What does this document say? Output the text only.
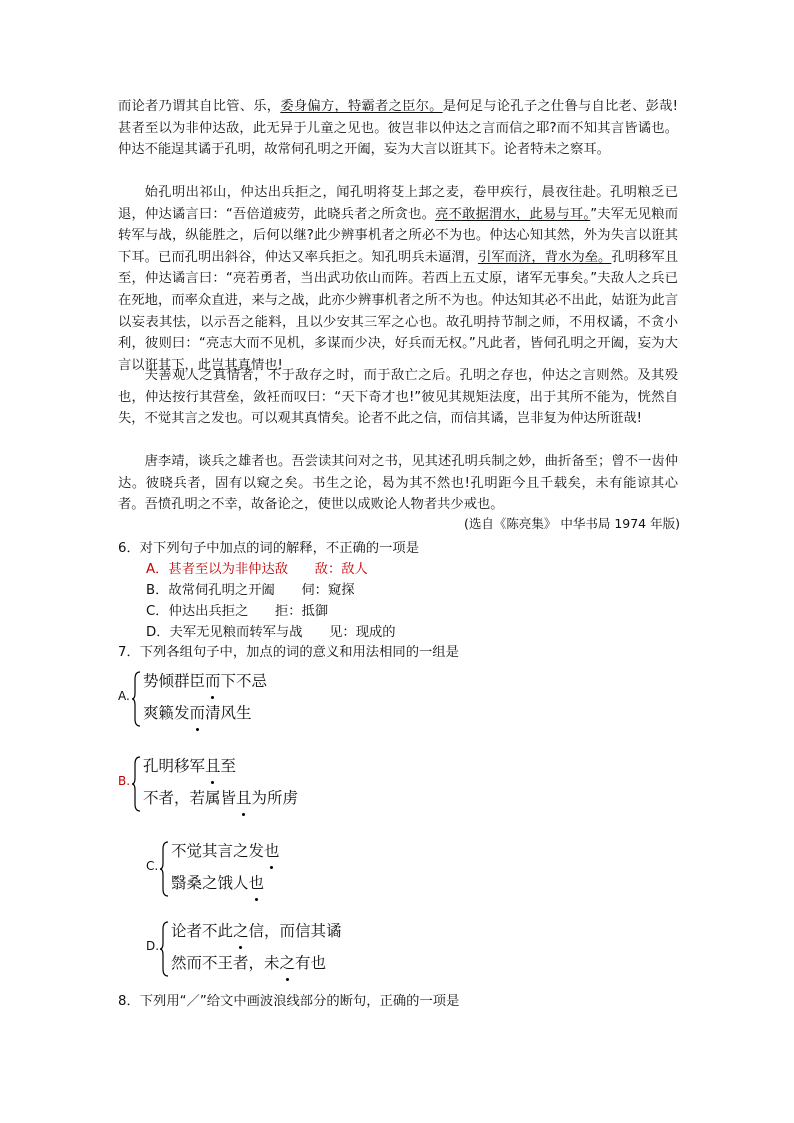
而论者乃谓其自比管、乐，委身偏方，特霸者之臣尔。是何足与论孔子之仕鲁与自比老、彭哉!甚者至以为非仲达敌，此无异于儿童之见也。彼岂非以仲达之言而信之耶?而不知其言皆谲也。仲达不能逞其谲于孔明，故常伺孔明之开阖，妄为大言以诳其下。论者特未之察耳。

始孔明出祁山，仲达出兵拒之，闻孔明将芟上邽之麦，卷甲疾行，晨夜往赴。孔明粮乏已退，仲达谲言曰：“吾倍道疲劳，此晓兵者之所贪也。亮不敢据渭水，此易与耳。”夫军无见粮而转军与战，纵能胜之，后何以继?此少辨事机者之所必不为也。仲达心知其然，外为失言以诳其下耳。已而孔明出斜谷，仲达又率兵拒之。知孔明兵未逼渭，引军而济，背水为垒。孔明移军且至，仲达谲言曰：“亮若勇者，当出武功依山而阵。若西上五丈原，诸军无事矣。”夫敌人之兵已在死地，而率众直进，来与之战，此亦少辨事机者之所不为也。仲达知其必不出此，姑诳为此言以妄表其怯，以示吾之能料，且以少安其三军之心也。故孔明持节制之师，不用权谲，不贪小利，彼则曰：“亮志大而不见机，多谋而少决，好兵而无权。”凡此者，皆伺孔明之开阖，妄为大言以诳其下，此岂其真情也!

夫善观人之真情者，不于敌存之时，而于敌亡之后。孔明之存也，仲达之言则然。及其殁也，仲达按行其营垒，敛衽而叹曰：“天下奇才也!”彼见其规矩法度，出于其所不能为，恍然自失，不觉其言之发也。可以观其真情矣。论者不此之信，而信其谲，岂非复为仲达所诳哉!

唐李靖，谈兵之雄者也。吾尝读其问对之书，见其述孔明兵制之妙，曲折备至；曾不一齿仲达。彼晓兵者，固有以窥之矣。书生之论，曷为其不然也!孔明距今且千载矣，未有能谅其心者。吾愤孔明之不幸，故备论之，使世以成败论人物者共少戒也。

(选自《陈亮集》 中华书局 1974 年版)
6．对下列句子中加点的词的解释，不正确的一项是
A．甚者至以为非仲达敌　　敌：敌人
B．故常伺孔明之开阖　　伺：窥探
C．仲达出兵拒之　　拒：抵御
D．夫军无见粮而转军与战　　见：现成的
7．下列各组句子中，加点的词的意义和用法相同的一组是
A.
势倾群臣而下不忌
爽籁发而清风生
B.
孔明移军且至
不者，若属皆且为所虏
C.
不觉其言之发也
翳桑之饿人也
D.
论者不此之信，而信其谲
然而不王者，未之有也
8．下列用“／”给文中画波浪线部分的断句，正确的一项是
